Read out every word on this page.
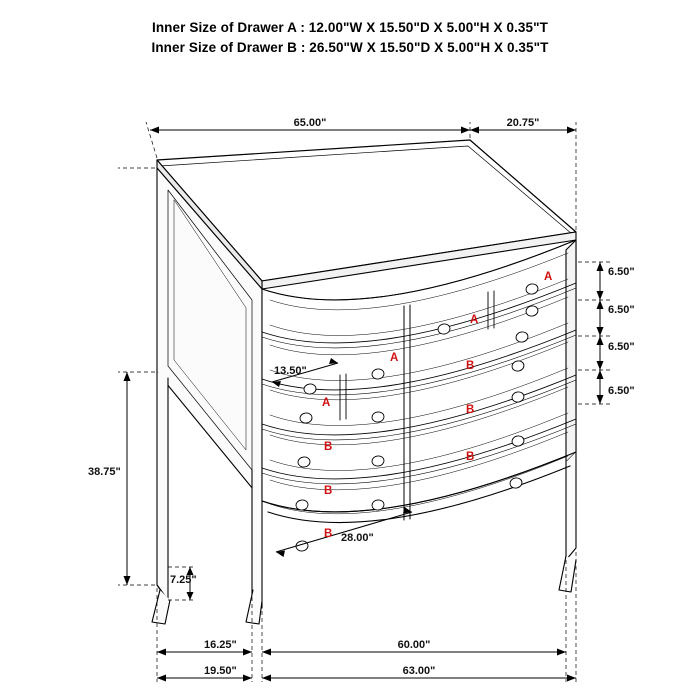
Inner Size of Drawer A : 12.00"W X 15.50"D X 5.00"H X 0.35"T
Inner Size of Drawer B : 26.50"W X 15.50"D X 5.00"H X 0.35"T
65.00"	20.75"
6.50"
6.50"
6.50"
6.50"
38.75"
7.25"
16.25"	60.00"
19.50"	63.00"
13.50"
28.00"
A
A
A
A
B
B
B
B
B
B
